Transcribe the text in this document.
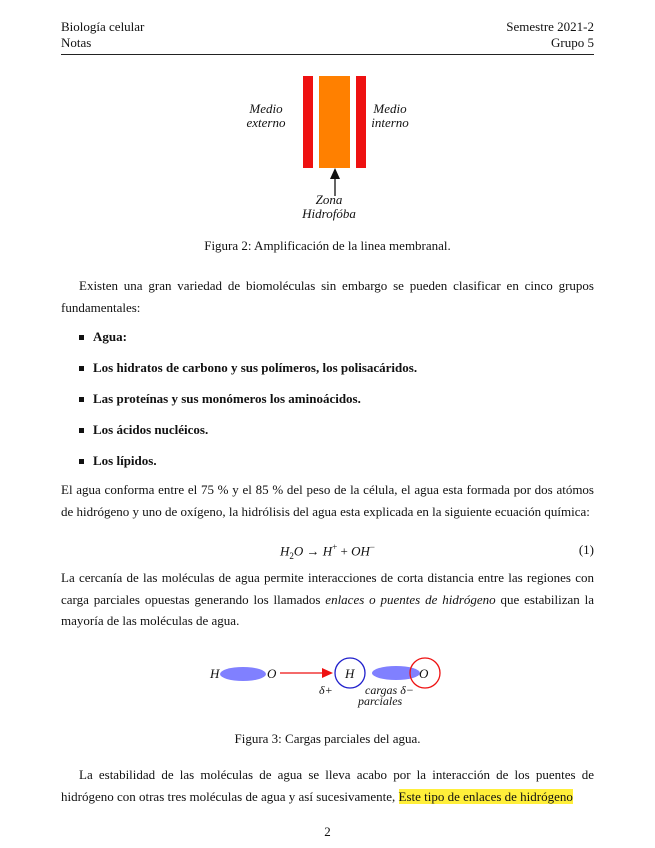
Biología celular
Notas
Semestre 2021-2
Grupo 5
Medio
externo
Medio
interno
Zona
Hidrofóba
Figura 2: Amplificación de la linea membranal.
Existen una gran variedad de biomoléculas sin embargo se pueden clasificar en cinco grupos fundamentales:
Agua:
Los hidratos de carbono y sus polímeros, los polisacáridos.
Las proteínas y sus monómeros los aminoácidos.
Los ácidos nucléicos.
Los lípidos.
El agua conforma entre el 75 % y el 85 % del peso de la célula, el agua esta formada por dos atómos de hidrógeno y uno de oxígeno, la hidrólisis del agua esta explicada en la siguiente ecuación química:
$H_2O \to H^+ + OH^-$	(1)
La cercanía de las moléculas de agua permite interacciones de corta distancia entre las regiones con carga parciales opuestas generando los llamados enlaces o puentes de hidrógeno que estabilizan la mayoría de las moléculas de agua.
H	O	H	O
δ+	cargas δ−
parciales
Figura 3: Cargas parciales del agua.
La estabilidad de las moléculas de agua se lleva acabo por la interacción de los puentes de hidrógeno con otras tres moléculas de agua y así sucesivamente, Este tipo de enlaces de hidrógeno
2
